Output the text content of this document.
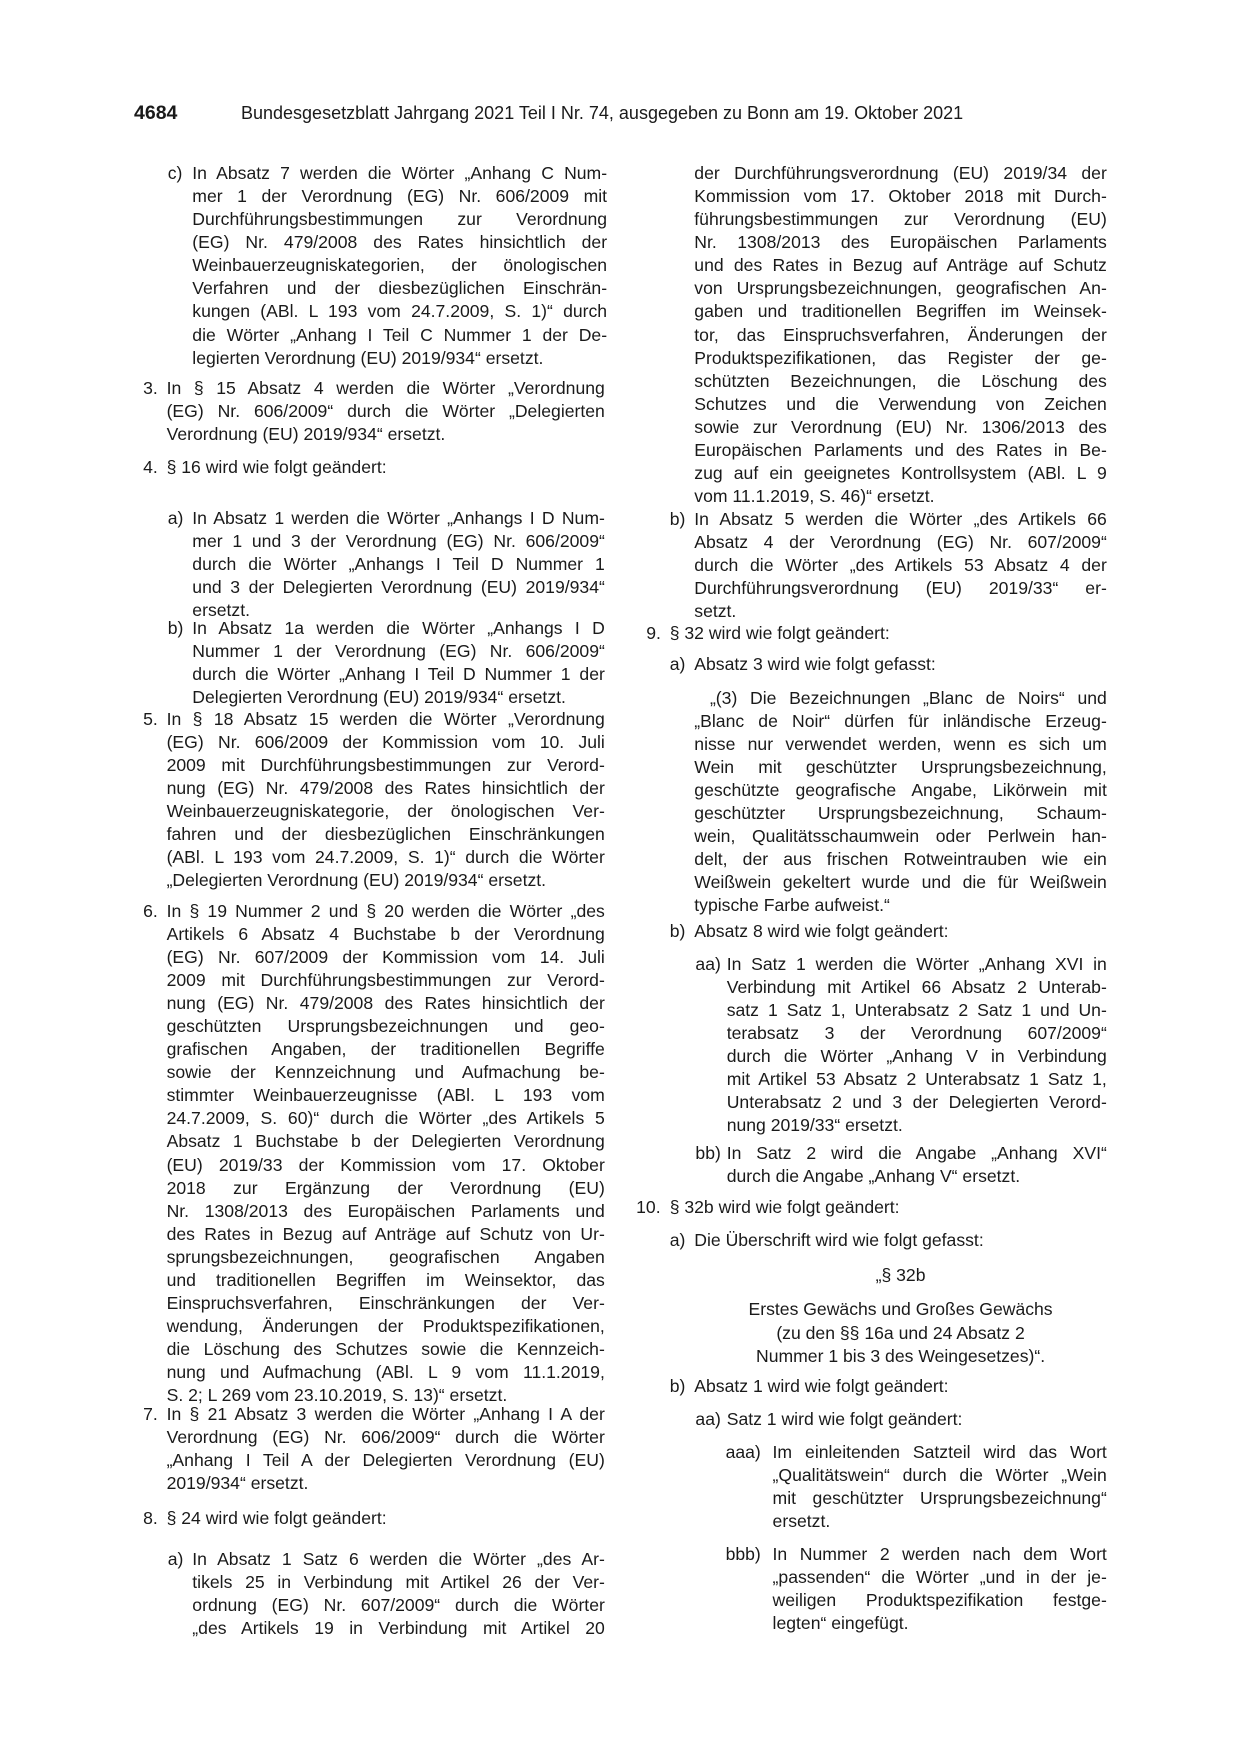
4684	Bundesgesetzblatt Jahrgang 2021 Teil I Nr. 74, ausgegeben zu Bonn am 19. Oktober 2021
c) In Absatz 7 werden die Wörter „Anhang C Num-
mer 1 der Verordnung (EG) Nr. 606/2009 mit
Durchführungsbestimmungen zur Verordnung
(EG) Nr. 479/2008 des Rates hinsichtlich der
Weinbauerzeugniskategorien, der önologischen
Verfahren und der diesbezüglichen Einschrän-
kungen (ABl. L 193 vom 24.7.2009, S. 1)“ durch
die Wörter „Anhang I Teil C Nummer 1 der De-
legierten Verordnung (EU) 2019/934“ ersetzt.
3. In § 15 Absatz 4 werden die Wörter „Verordnung
(EG) Nr. 606/2009“ durch die Wörter „Delegierten
Verordnung (EU) 2019/934“ ersetzt.
4. § 16 wird wie folgt geändert:
a) In Absatz 1 werden die Wörter „Anhangs I D Num-
mer 1 und 3 der Verordnung (EG) Nr. 606/2009“
durch die Wörter „Anhangs I Teil D Nummer 1
und 3 der Delegierten Verordnung (EU) 2019/934“
ersetzt.
b) In Absatz 1a werden die Wörter „Anhangs I D
Nummer 1 der Verordnung (EG) Nr. 606/2009“
durch die Wörter „Anhang I Teil D Nummer 1 der
Delegierten Verordnung (EU) 2019/934“ ersetzt.
5. In § 18 Absatz 15 werden die Wörter „Verordnung
(EG) Nr. 606/2009 der Kommission vom 10. Juli
2009 mit Durchführungsbestimmungen zur Verord-
nung (EG) Nr. 479/2008 des Rates hinsichtlich der
Weinbauerzeugniskategorie, der önologischen Ver-
fahren und der diesbezüglichen Einschränkungen
(ABl. L 193 vom 24.7.2009, S. 1)“ durch die Wörter
„Delegierten Verordnung (EU) 2019/934“ ersetzt.
6. In § 19 Nummer 2 und § 20 werden die Wörter „des
Artikels 6 Absatz 4 Buchstabe b der Verordnung
(EG) Nr. 607/2009 der Kommission vom 14. Juli
2009 mit Durchführungsbestimmungen zur Verord-
nung (EG) Nr. 479/2008 des Rates hinsichtlich der
geschützten Ursprungsbezeichnungen und geo-
grafischen Angaben, der traditionellen Begriffe
sowie der Kennzeichnung und Aufmachung be-
stimmter Weinbauerzeugnisse (ABl. L 193 vom
24.7.2009, S. 60)“ durch die Wörter „des Artikels 5
Absatz 1 Buchstabe b der Delegierten Verordnung
(EU) 2019/33 der Kommission vom 17. Oktober
2018 zur Ergänzung der Verordnung (EU)
Nr. 1308/2013 des Europäischen Parlaments und
des Rates in Bezug auf Anträge auf Schutz von Ur-
sprungsbezeichnungen, geografischen Angaben
und traditionellen Begriffen im Weinsektor, das
Einspruchsverfahren, Einschränkungen der Ver-
wendung, Änderungen der Produktspezifikationen,
die Löschung des Schutzes sowie die Kennzeich-
nung und Aufmachung (ABl. L 9 vom 11.1.2019,
S. 2; L 269 vom 23.10.2019, S. 13)“ ersetzt.
7. In § 21 Absatz 3 werden die Wörter „Anhang I A der
Verordnung (EG) Nr. 606/2009“ durch die Wörter
„Anhang I Teil A der Delegierten Verordnung (EU)
2019/934“ ersetzt.
8. § 24 wird wie folgt geändert:
a) In Absatz 1 Satz 6 werden die Wörter „des Ar-
tikels 25 in Verbindung mit Artikel 26 der Ver-
ordnung (EG) Nr. 607/2009“ durch die Wörter
„des Artikels 19 in Verbindung mit Artikel 20
der Durchführungsverordnung (EU) 2019/34 der
Kommission vom 17. Oktober 2018 mit Durch-
führungsbestimmungen zur Verordnung (EU)
Nr. 1308/2013 des Europäischen Parlaments
und des Rates in Bezug auf Anträge auf Schutz
von Ursprungsbezeichnungen, geografischen An-
gaben und traditionellen Begriffen im Weinsek-
tor, das Einspruchsverfahren, Änderungen der
Produktspezifikationen, das Register der ge-
schützten Bezeichnungen, die Löschung des
Schutzes und die Verwendung von Zeichen
sowie zur Verordnung (EU) Nr. 1306/2013 des
Europäischen Parlaments und des Rates in Be-
zug auf ein geeignetes Kontrollsystem (ABl. L 9
vom 11.1.2019, S. 46)“ ersetzt.
b) In Absatz 5 werden die Wörter „des Artikels 66
Absatz 4 der Verordnung (EG) Nr. 607/2009“
durch die Wörter „des Artikels 53 Absatz 4 der
Durchführungsverordnung (EU) 2019/33“ er-
setzt.
9. § 32 wird wie folgt geändert:
a) Absatz 3 wird wie folgt gefasst:
„(3) Die Bezeichnungen „Blanc de Noirs“ und
„Blanc de Noir“ dürfen für inländische Erzeug-
nisse nur verwendet werden, wenn es sich um
Wein mit geschützter Ursprungsbezeichnung,
geschützte geografische Angabe, Likörwein mit
geschützter Ursprungsbezeichnung, Schaum-
wein, Qualitätsschaumwein oder Perlwein han-
delt, der aus frischen Rotweintrauben wie ein
Weißwein gekeltert wurde und die für Weißwein
typische Farbe aufweist.“
b) Absatz 8 wird wie folgt geändert:
aa) In Satz 1 werden die Wörter „Anhang XVI in
Verbindung mit Artikel 66 Absatz 2 Unterab-
satz 1 Satz 1, Unterabsatz 2 Satz 1 und Un-
terabsatz 3 der Verordnung 607/2009“
durch die Wörter „Anhang V in Verbindung
mit Artikel 53 Absatz 2 Unterabsatz 1 Satz 1,
Unterabsatz 2 und 3 der Delegierten Verord-
nung 2019/33“ ersetzt.
bb) In Satz 2 wird die Angabe „Anhang XVI“
durch die Angabe „Anhang V“ ersetzt.
10. § 32b wird wie folgt geändert:
a) Die Überschrift wird wie folgt gefasst:
„§ 32b
Erstes Gewächs und Großes Gewächs
(zu den §§ 16a und 24 Absatz 2
Nummer 1 bis 3 des Weingesetzes)“.
b) Absatz 1 wird wie folgt geändert:
aa) Satz 1 wird wie folgt geändert:
aaa) Im einleitenden Satzteil wird das Wort
„Qualitätswein“ durch die Wörter „Wein
mit geschützter Ursprungsbezeichnung“
ersetzt.
bbb) In Nummer 2 werden nach dem Wort
„passenden“ die Wörter „und in der je-
weiligen Produktspezifikation festge-
legten“ eingefügt.
